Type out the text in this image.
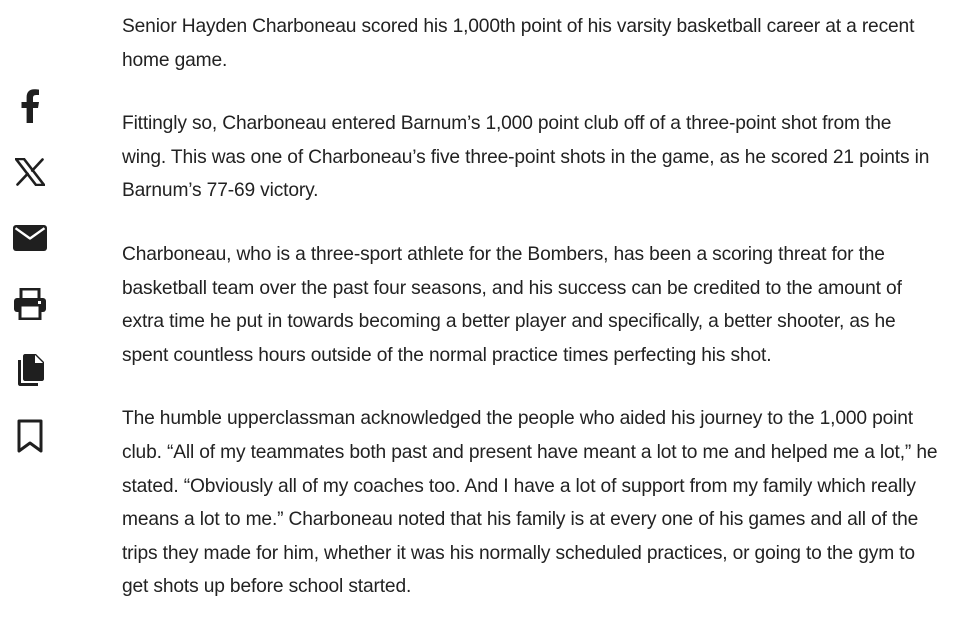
Senior Hayden Charboneau scored his 1,000th point of his varsity basketball career at a recent home game.

Fittingly so, Charboneau entered Barnum’s 1,000 point club off of a three-point shot from the wing. This was one of Charboneau’s five three-point shots in the game, as he scored 21 points in Barnum’s 77-69 victory.

Charboneau, who is a three-sport athlete for the Bombers, has been a scoring threat for the basketball team over the past four seasons, and his success can be credited to the amount of extra time he put in towards becoming a better player and specifically, a better shooter, as he spent countless hours outside of the normal practice times perfecting his shot.

The humble upperclassman acknowledged the people who aided his journey to the 1,000 point club. “All of my teammates both past and present have meant a lot to me and helped me a lot,” he stated. “Obviously all of my coaches too. And I have a lot of support from my family which really means a lot to me.” Charboneau noted that his family is at every one of his games and all of the trips they made for him, whether it was his normally scheduled practices, or going to the gym to get shots up before school started.
